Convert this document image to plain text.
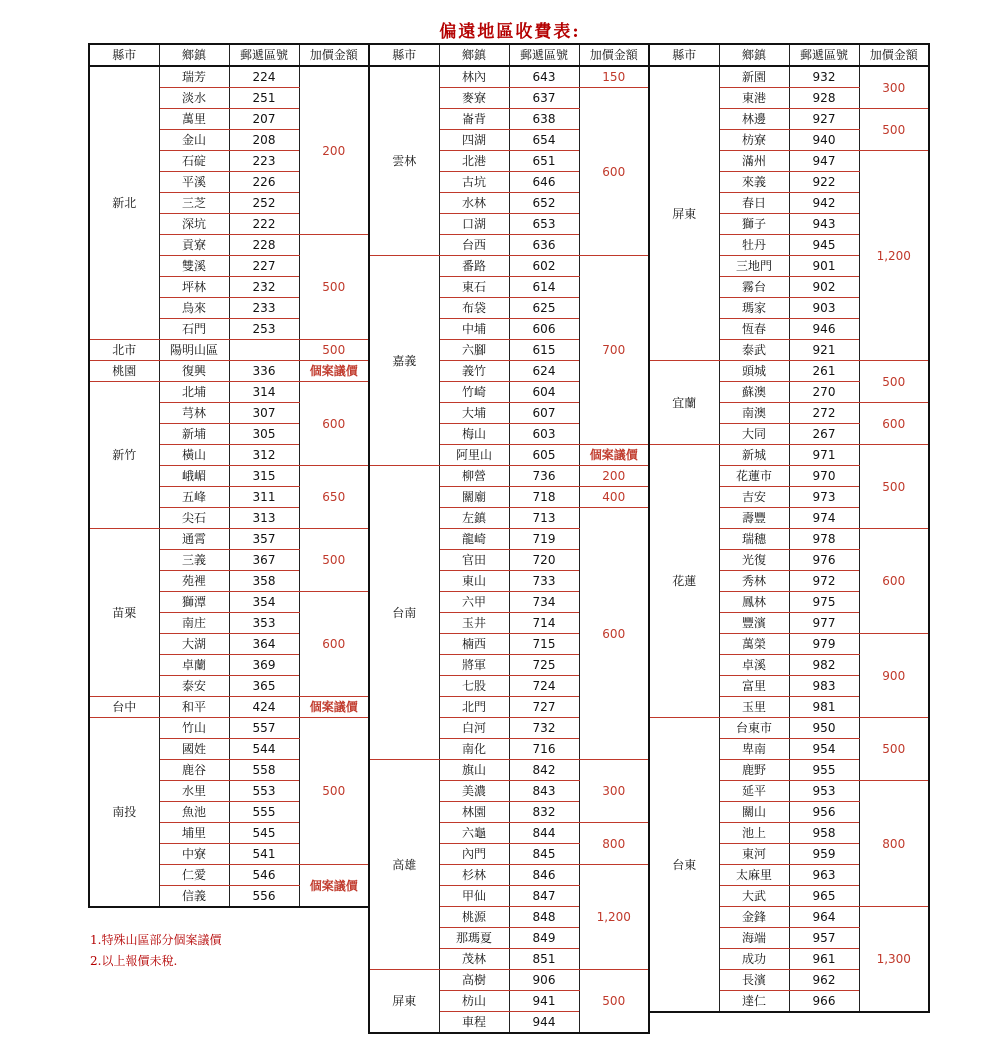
偏遠地區收費表:
縣市	鄉鎮	郵遞區號	加價金額
新北	瑞芳	224	200
	淡水	251	
	萬里	207	
	金山	208	
	石碇	223	
	平溪	226	
	三芝	252	
	深坑	222	
	貢寮	228	500
	雙溪	227	
	坪林	232	
	烏來	233	
	石門	253	
北市	陽明山區		500
桃園	復興	336	個案議價
新竹	北埔	314	600
	芎林	307	
	新埔	305	
	橫山	312	
	峨嵋	315	650
	五峰	311	
	尖石	313	
苗栗	通霄	357	500
	三義	367	
	苑裡	358	
	獅潭	354	600
	南庄	353	
	大湖	364	
	卓蘭	369	
	泰安	365	
台中	和平	424	個案議價
南投	竹山	557	500
	國姓	544	
	鹿谷	558	
	水里	553	
	魚池	555	
	埔里	545	
	中寮	541	
	仁愛	546	個案議價
	信義	556	
縣市	鄉鎮	郵遞區號	加價金額
雲林	林內	643	150
	麥寮	637	600
	崙背	638	
	四湖	654	
	北港	651	
	古坑	646	
	水林	652	
	口湖	653	
	台西	636	
嘉義	番路	602	700
	東石	614	
	布袋	625	
	中埔	606	
	六腳	615	
	義竹	624	
	竹崎	604	
	大埔	607	
	梅山	603	
	阿里山	605	個案議價
台南	柳營	736	200
	關廟	718	400
	左鎮	713	600
	龍崎	719	
	官田	720	
	東山	733	
	六甲	734	
	玉井	714	
	楠西	715	
	將軍	725	
	七股	724	
	北門	727	
	白河	732	
	南化	716	
高雄	旗山	842	300
	美濃	843	
	林園	832	
	六龜	844	800
	內門	845	
	杉林	846	1,200
	甲仙	847	
	桃源	848	
	那瑪夏	849	
	茂林	851	
屏東	高樹	906	500
	枋山	941	
	車程	944	
縣市	鄉鎮	郵遞區號	加價金額
屏東	新園	932	300
	東港	928	
	林邊	927	500
	枋寮	940	
	滿州	947	1,200
	來義	922	
	春日	942	
	獅子	943	
	牡丹	945	
	三地門	901	
	霧台	902	
	瑪家	903	
	恆春	946	
	泰武	921	
宜蘭	頭城	261	500
	蘇澳	270	
	南澳	272	600
	大同	267	
花蓮	新城	971	500
	花蓮市	970	
	吉安	973	
	壽豐	974	
	瑞穗	978	600
	光復	976	
	秀林	972	
	鳳林	975	
	豐濱	977	
	萬榮	979	900
	卓溪	982	
	富里	983	
	玉里	981	
台東	台東市	950	500
	卑南	954	
	鹿野	955	
	延平	953	800
	關山	956	
	池上	958	
	東河	959	
	太麻里	963	
	大武	965	
	金鋒	964	1,300
	海端	957	
	成功	961	
	長濱	962	
	達仁	966	
1.特殊山區部分個案議價
2.以上報價未稅.
